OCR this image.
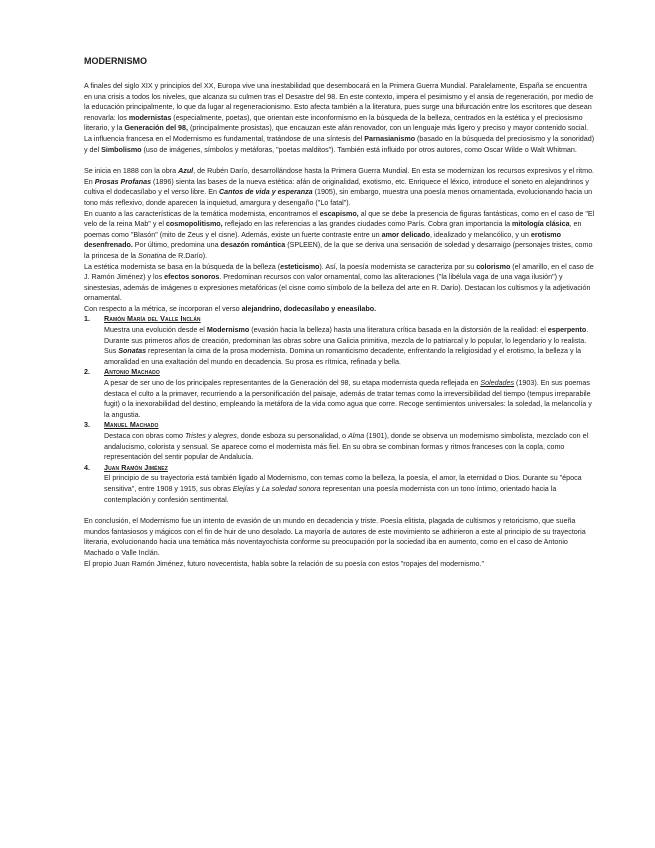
MODERNISMO

A finales del siglo XIX y principios del XX, Europa vive una inestabilidad que desembocará en la Primera Guerra Mundial. Paralelamente, España se encuentra en una crisis a todos los niveles, que alcanza su culmen tras el Desastre del 98. En este contexto, impera el pesimismo y el ansia de regeneración, por medio de la educación principalmente, lo que da lugar al regeneracionismo. Esto afecta también a la literatura, pues surge una bifurcación entre los escritores que desean renovarla: los modernistas (especialmente, poetas), que orientan este inconformismo en la búsqueda de la belleza, centrados en la estética y el preciosismo literario, y la Generación del 98, (principalmente prosistas), que encauzan este afán renovador, con un lenguaje más ligero y preciso y mayor contenido social.

La influencia francesa en el Modernismo es fundamental, tratándose de una síntesis del Parnasianismo (basado en la búsqueda del preciosismo y la sonoridad) y del Simbolismo (uso de imágenes, símbolos y metáforas, "poetas malditos"). También está influido por otros autores, como Oscar Wilde o Walt Whitman.

Se inicia en 1888 con la obra Azul, de Rubén Darío, desarrollándose hasta la Primera Guerra Mundial. En esta se modernizan los recursos expresivos y el ritmo. En Prosas Profanas (1896) sienta las bases de la nueva estética: afán de originalidad, exotismo, etc. Enriquece el léxico, introduce el soneto en alejandrinos y cultiva el dodecasílabo y el verso libre. En Cantos de vida y esperanza (1905), sin embargo, muestra una poesía menos ornamentada, evolucionando hacia un tono más reflexivo, donde aparecen la inquietud, amargura y desengaño ("Lo fatal").

En cuanto a las características de la temática modernista, encontramos el escapismo, al que se debe la presencia de figuras fantásticas, como en el caso de "El velo de la reina Mab" y el cosmopolitismo, reflejado en las referencias a las grandes ciudades como París. Cobra gran importancia la mitología clásica, en poemas como "Blasón" (mito de Zeus y el cisne). Además, existe un fuerte contraste entre un amor delicado, idealizado y melancólico, y un erotismo desenfrenado. Por último, predomina una desazón romántica (SPLEEN), de la que se deriva una sensación de soledad y desarraigo (personajes tristes, como la princesa de la Sonatina de R.Darío).

La estética modernista se basa en la búsqueda de la belleza (esteticismo). Así, la poesía modernista se caracteriza por su colorismo (el amarillo, en el caso de J. Ramón Jiménez) y los efectos sonoros. Predominan recursos con valor ornamental, como las aliteraciones ("la libélula vaga de una vaga ilusión") y sinestesias, además de imágenes o expresiones metafóricas (el cisne como símbolo de la belleza del arte en R. Darío). Destacan los cultismos y la adjetivación ornamental.

Con respecto a la métrica, se incorporan el verso alejandrino, dodecasílabo y eneasílabo.

1. Ramón María del Valle Inclán

Muestra una evolución desde el Modernismo (evasión hacia la belleza) hasta una literatura crítica basada en la distorsión de la realidad: el esperpento. Durante sus primeros años de creación, predominan las obras sobre una Galicia primitiva, mezcla de lo patriarcal y lo popular, lo legendario y lo realista.

Sus Sonatas representan la cima de la prosa modernista. Domina un romanticismo decadente, enfrentando la religiosidad y el erotismo, la belleza y la amoralidad en una exaltación del mundo en decadencia. Su prosa es rítmica, refinada y bella.

2. Antonio Machado

A pesar de ser uno de los principales representantes de la Generación del 98, su etapa modernista queda reflejada en Soledades (1903). En sus poemas destaca el culto a la primaver, recurriendo a la personificación del paisaje, además de tratar temas como la irreversibilidad del tiempo (tempus irreparabile fugit) o la inexorabilidad del destino, empleando la metáfora de la vida como agua que corre. Recoge sentimientos universales: la soledad, la melancolía y la angustia.

3. Manuel Machado

Destaca con obras como Tristes y alegres, donde esboza su personalidad, o Alma (1901), donde se observa un modernismo simbolista, mezclado con el andalucismo, colorista y sensual. Se aparece como el modernista más fiel. En su obra se combinan formas y ritmos franceses con la copla, como representación del sentir popular de Andalucía.

4. Juan Ramón Jiménez

El principio de su trayectoria está también ligado al Modernismo, con temas como la belleza, la poesía, el amor, la eternidad o Dios. Durante su "época sensitiva", entre 1908 y 1915, sus obras Elejías y La soledad sonora representan una poesía modernista con un tono íntimo, orientado hacia la contemplación y confesión sentimental.

En conclusión, el Modernismo fue un intento de evasión de un mundo en decadencia y triste. Poesía elitista, plagada de cultismos y retoricismo, que sueña mundos fantasiosos y mágicos con el fin de huir de uno desolado. La mayoría de autores de este movimiento se adhirieron a este al principio de su trayectoria literaria, evolucionando hacia una temática más noventayochista conforme su preocupación por la sociedad iba en aumento, como en el caso de Antonio Machado o Valle Inclán.

El propio Juan Ramón Jiménez, futuro novecentista, habla sobre la relación de su poesía con estos "ropajes del modernismo."
